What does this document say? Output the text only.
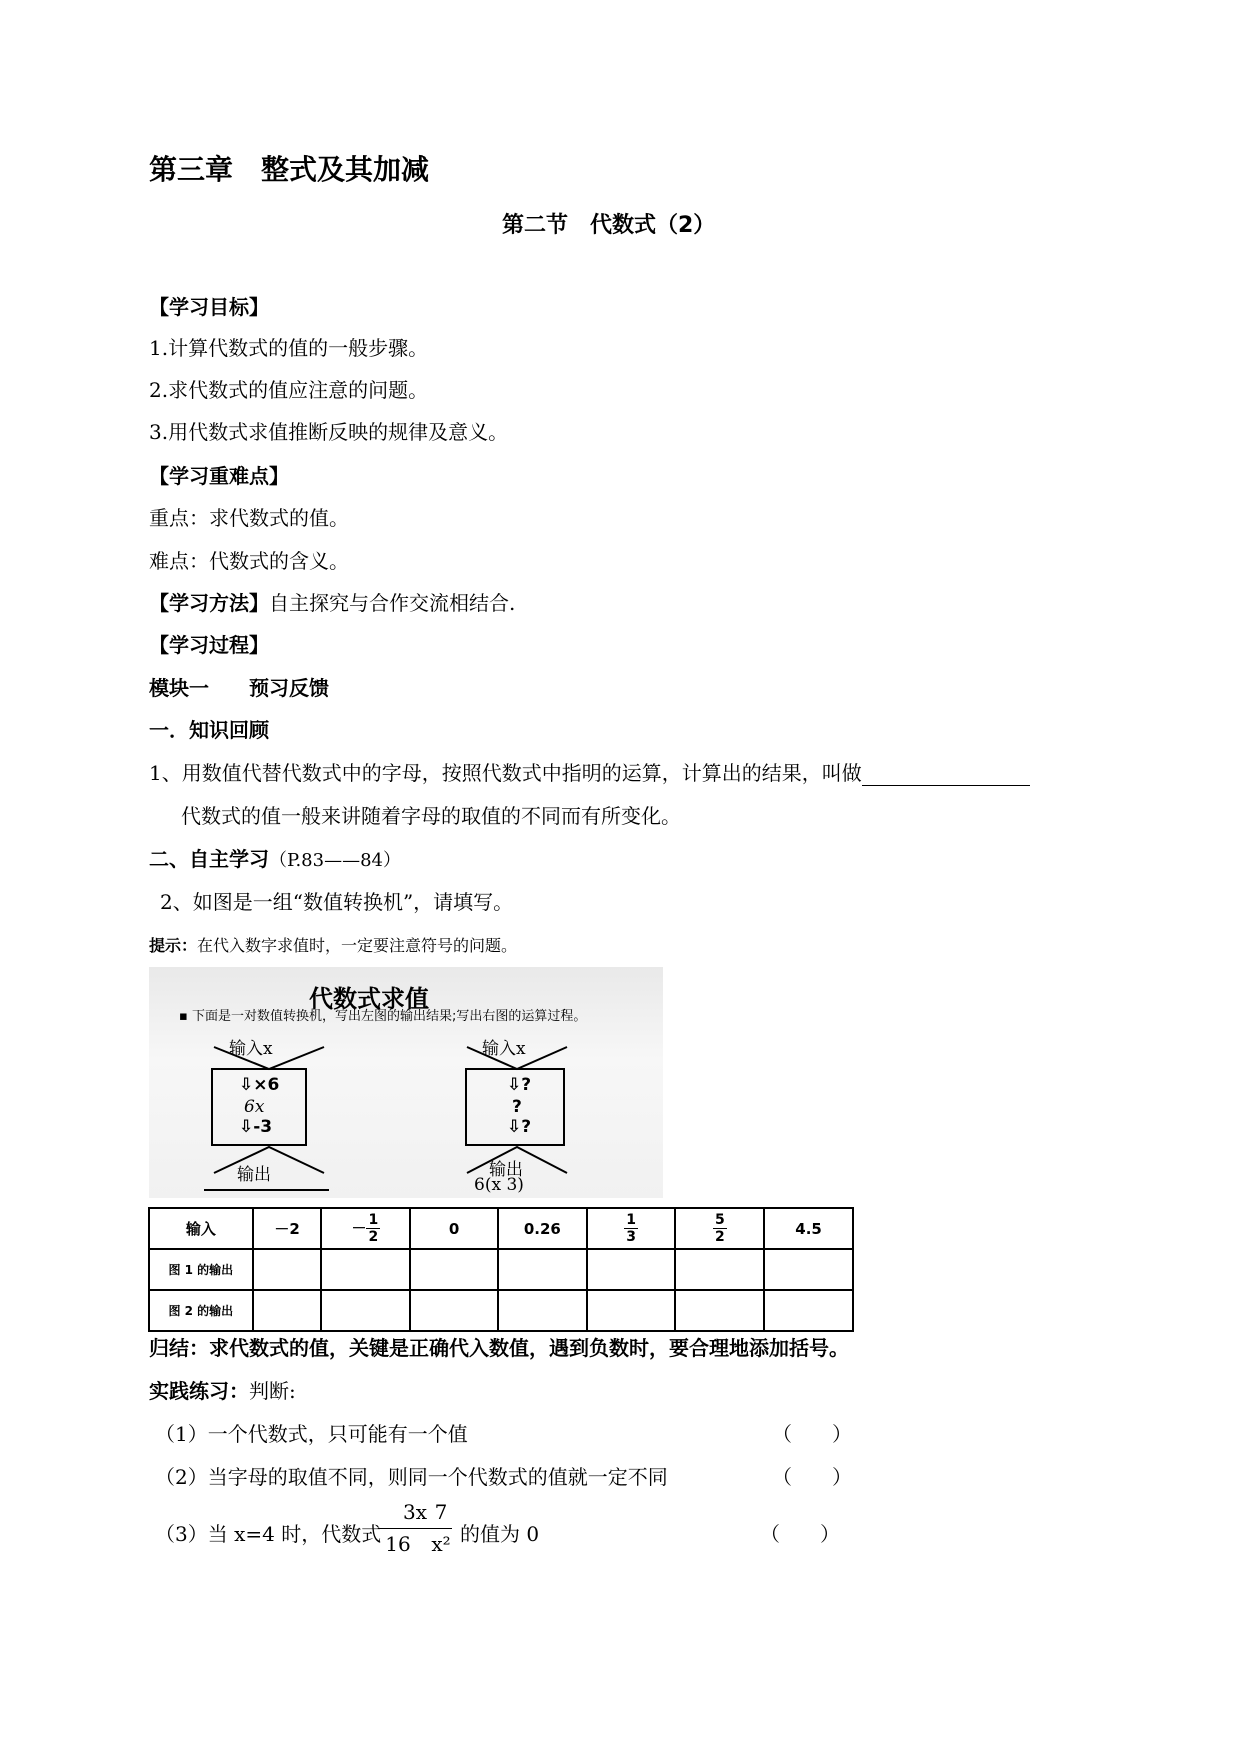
第三章　整式及其加减
第二节　代数式（2）
【学习目标】
1.计算代数式的值的一般步骤。
2.求代数式的值应注意的问题。
3.用代数式求值推断反映的规律及意义。
【学习重难点】
重点：求代数式的值。
难点：代数式的含义。
【学习方法】自主探究与合作交流相结合.
【学习过程】
模块一　　预习反馈
一．知识回顾
1、用数值代替代数式中的字母，按照代数式中指明的运算，计算出的结果，叫做
代数式的值一般来讲随着字母的取值的不同而有所变化。
二、自主学习（P.83——84）
2、如图是一组“数值转换机”，请填写。
提示：在代入数字求值时，一定要注意符号的问题。
代数式求值
▪ 下面是一对数值转换机，写出左图的输出结果;写出右图的运算过程。
输入x
⇩×6
6x
⇩-3
输出
输入x
⇩?
?
⇩?
输出
6(x 3)
输入	－2	－ $\frac{1}{2}$	0	0.26	$\frac{1}{3}$	$\frac{5}{2}$	4.5
图 1 的输出							
图 2 的输出							
归结：求代数式的值，关键是正确代入数值，遇到负数时，要合理地添加括号。
实践练习：判断:
（1）一个代数式，只可能有一个值	（　　）
（2）当字母的取值不同，则同一个代数式的值就一定不同	（　　）
（3）当 x=4 时，代数式
3x
16
7
x² 的值为 0	（　　）
